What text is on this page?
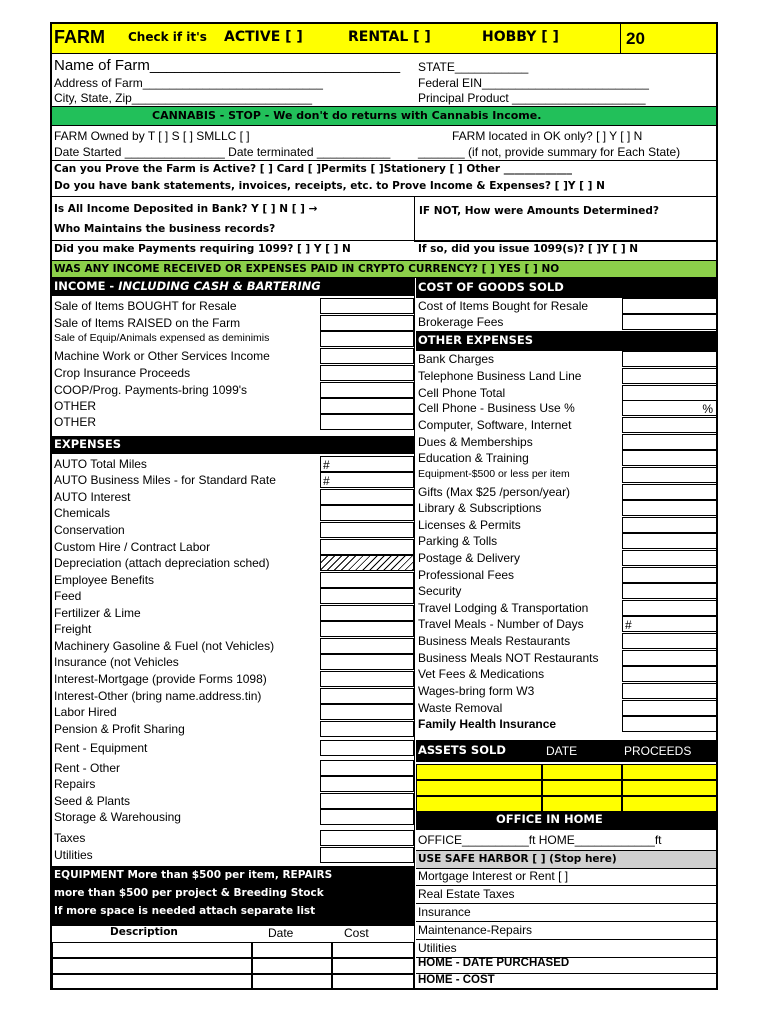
FARM Check if it's ACTIVE [ ]	RENTAL [ ]	HOBBY [ ]	20
Name of Farm______________________________
Address of Farm___________________________
City, State, Zip___________________________
STATE___________
Federal EIN_________________________
Principal Product ____________________
CANNABIS - STOP - We don't do returns with Cannabis Income.
FARM Owned by T [ ] S [ ] SMLLC [ ]
Date Started _______________ Date terminated ___________
FARM located in OK only? [ ] Y [ ] N
_______ (if not, provide summary for Each State)
Can you Prove the Farm is Active? [ ] Card [ ]Permits [ ]Stationery [ ] Other _____________
Do you have bank statements, invoices, receipts, etc. to Prove Income & Expenses? [ ]Y [ ] N
Is All Income Deposited in Bank? Y [ ] N [ ] →	IF NOT, How were Amounts Determined?
Who Maintains the business records?
Did you make Payments requiring 1099? [ ] Y [ ] N	If so, did you issue 1099(s)? [ ]Y [ ] N
WAS ANY INCOME RECEIVED OR EXPENSES PAID IN CRYPTO CURRENCY? [ ] YES [ ] NO
INCOME - INCLUDING CASH & BARTERING	COST OF GOODS SOLD
OTHER EXPENSES
EXPENSES
ASSETS SOLD	DATE	PROCEEDS
OFFICE IN HOME
OFFICE__________ft HOME____________ft
USE SAFE HARBOR [ ] (Stop here)
EQUIPMENT More than $500 per item, REPAIRS
more than $500 per project & Breeding Stock
If more space is needed attach separate list
Description	Date	Cost
Sale of Items BOUGHT for Resale
Sale of Items RAISED on the Farm
Sale of Equip/Animals expensed as deminimis
Machine Work or Other Services Income
Crop Insurance Proceeds
COOP/Prog. Payments-bring 1099's
OTHER
OTHER
Cost of Items Bought for Resale
Brokerage Fees
Bank Charges
Telephone Business Land Line
Cell Phone Total
Cell Phone - Business Use %	%
Computer, Software, Internet
Dues & Memberships
Education & Training
Equipment-$500 or less per item
Gifts (Max $25 /person/year)
Library & Subscriptions
Licenses & Permits
Parking & Tolls
Postage & Delivery
Professional Fees
Security
Travel Lodging & Transportation
Travel Meals - Number of Days	#
Business Meals Restaurants
Business Meals NOT Restaurants
Vet Fees & Medications
Wages-bring form W3
Waste Removal
Family Health Insurance
AUTO Total Miles	#
AUTO Business Miles - for Standard Rate	#
AUTO Interest
Chemicals
Conservation
Custom Hire / Contract Labor
Depreciation (attach depreciation sched)
Employee Benefits
Feed
Fertilizer & Lime
Freight
Machinery Gasoline & Fuel (not Vehicles)
Insurance (not Vehicles
Interest-Mortgage (provide Forms 1098)
Interest-Other (bring name.address.tin)
Labor Hired
Pension & Profit Sharing
Rent - Equipment
Rent - Other
Repairs
Seed & Plants
Storage & Warehousing
Taxes
Utilities
Mortgage Interest or Rent [ ]
Real Estate Taxes
Insurance
Maintenance-Repairs
Utilities
HOME - DATE PURCHASED
HOME - COST
